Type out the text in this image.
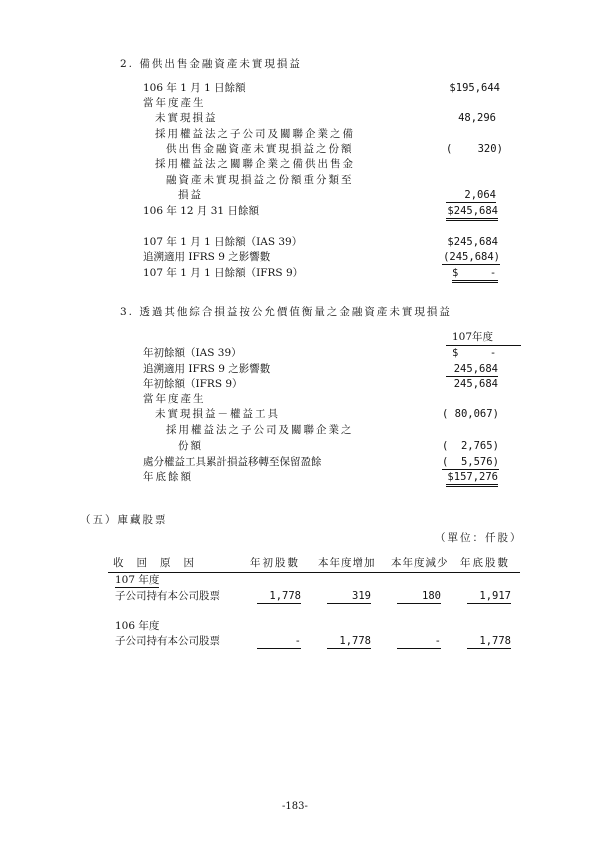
2. 備供出售金融資產未實現損益
106 年 1 月 1 日餘額	$195,644
當年度產生
未實現損益	48,296
採用權益法之子公司及關聯企業之備
供出售金融資產未實現損益之份額	(    320)
採用權益法之關聯企業之備供出售金
融資產未實現損益之份額重分類至
損益	2,064
106 年 12 月 31 日餘額	$245,684
107 年 1 月 1 日餘額（IAS 39）	$245,684
追溯適用 IFRS 9 之影響數	(245,684)
107 年 1 月 1 日餘額（IFRS 9）	$     -
3. 透過其他綜合損益按公允價值衡量之金融資產未實現損益
107年度
年初餘額（IAS 39）	$     -
追溯適用 IFRS 9 之影響數	245,684
年初餘額（IFRS 9）	245,684
當年度產生
未實現損益－權益工具	( 80,067)
採用權益法之子公司及關聯企業之
份額	(  2,765)
處分權益工具累計損益移轉至保留盈餘	(  5,576)
年底餘額	$157,276
（五）庫藏股票
（單位：仟股）
收回原因	年初股數 本年度增加 本年度減少 年底股數
107 年度
子公司持有本公司股票	1,778	319	180	1,917
106 年度
子公司持有本公司股票	-	1,778	-	1,778
-183-
